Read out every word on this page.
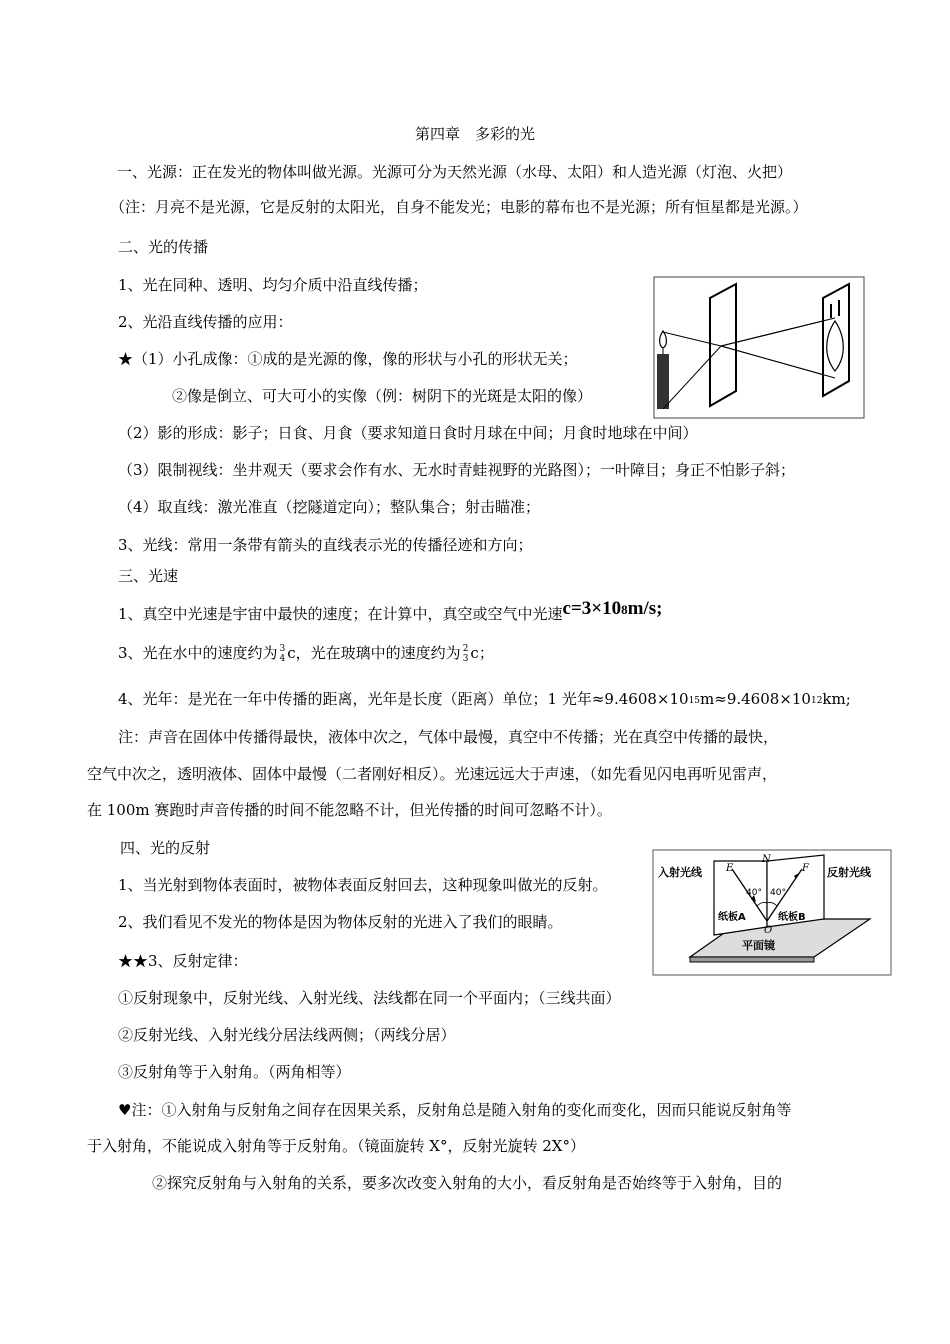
第四章　多彩的光
一、光源：正在发光的物体叫做光源。光源可分为天然光源（水母、太阳）和人造光源（灯泡、火把）
（注：月亮不是光源，它是反射的太阳光，自身不能发光；电影的幕布也不是光源；所有恒星都是光源。）
二、光的传播
1、光在同种、透明、均匀介质中沿直线传播；
2、光沿直线传播的应用：
★（1）小孔成像：①成的是光源的像，像的形状与小孔的形状无关；
②像是倒立、可大可小的实像（例：树阴下的光斑是太阳的像）
（2）影的形成：影子；日食、月食（要求知道日食时月球在中间；月食时地球在中间）
（3）限制视线：坐井观天（要求会作有水、无水时青蛙视野的光路图）；一叶障目；身正不怕影子斜；
（4）取直线：激光准直（挖隧道定向）；整队集合；射击瞄准；
3、光线：常用一条带有箭头的直线表示光的传播径迹和方向；
三、光速
1、真空中光速是宇宙中最快的速度；在计算中，真空或空气中光速c=3×108m/s;
3、光在水中的速度约为 3
4 c，光在玻璃中的速度约为 2
3 c；
4、光年：是光在一年中传播的距离，光年是长度（距离）单位；1 光年≈9.4608×1015m≈9.4608×1012km;
注：声音在固体中传播得最快，液体中次之，气体中最慢，真空中不传播；光在真空中传播的最快，
空气中次之，透明液体、固体中最慢（二者刚好相反）。光速远远大于声速，（如先看见闪电再听见雷声，
在 100m 赛跑时声音传播的时间不能忽略不计，但光传播的时间可忽略不计）。
四、光的反射
1、当光射到物体表面时，被物体表面反射回去，这种现象叫做光的反射。
2、我们看见不发光的物体是因为物体反射的光进入了我们的眼睛。
★★3、反射定律：
①反射现象中，反射光线、入射光线、法线都在同一个平面内；（三线共面）
②反射光线、入射光线分居法线两侧；（两线分居）
③反射角等于入射角。（两角相等）
♥注：①入射角与反射角之间存在因果关系，反射角总是随入射角的变化而变化，因而只能说反射角等
于入射角，不能说成入射角等于反射角。（镜面旋转 X°，反射光旋转 2X°）
②探究反射角与入射角的关系，要多次改变入射角的大小，看反射角是否始终等于入射角，目的
入射光线	反射光线
E
N
F
40° 40°
纸板A	纸板B
O
平面镜
